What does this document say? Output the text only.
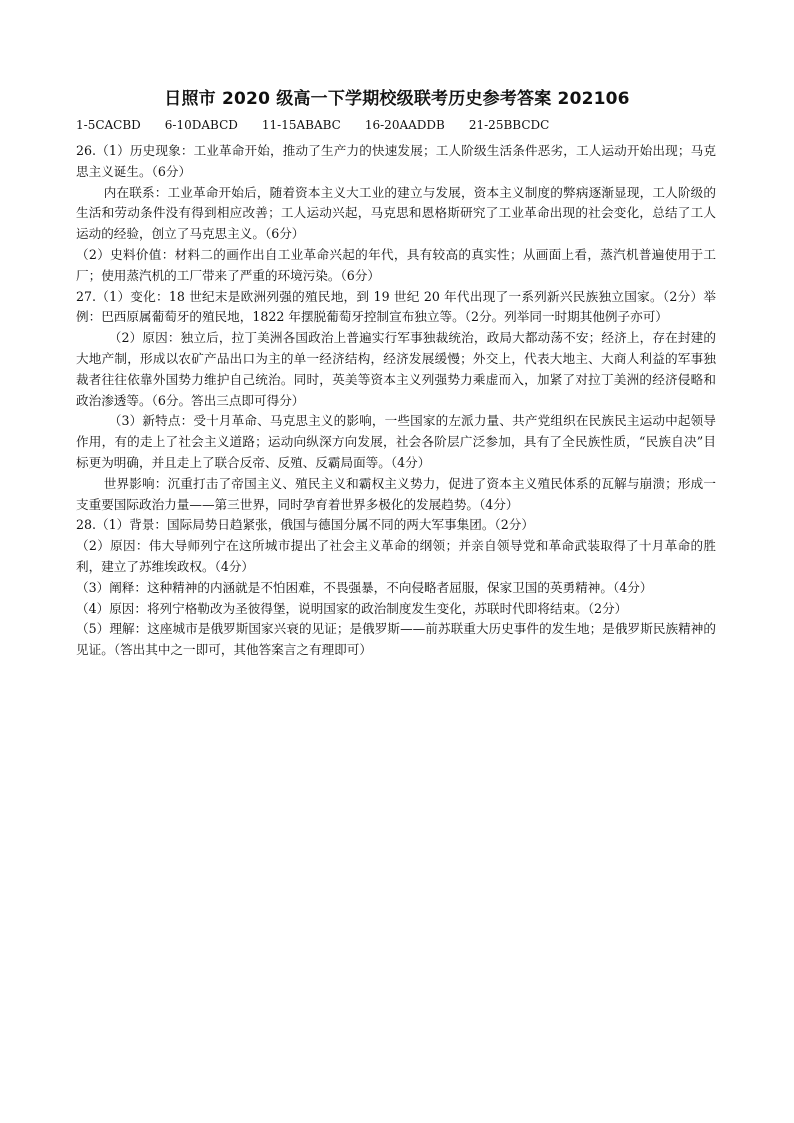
日照市 2020 级高一下学期校级联考历史参考答案 202106
1-5CACBD 6-10DABCD 11-15ABABC 16-20AADDB 21-25BBCDC

26.（1）历史现象：工业革命开始，推动了生产力的快速发展；工人阶级生活条件恶劣，工人运动开始出现；马克思主义诞生。（6分）

内在联系：工业革命开始后，随着资本主义大工业的建立与发展，资本主义制度的弊病逐渐显现，工人阶级的生活和劳动条件没有得到相应改善；工人运动兴起，马克思和恩格斯研究了工业革命出现的社会变化，总结了工人运动的经验，创立了马克思主义。（6分）

（2）史料价值：材料二的画作出自工业革命兴起的年代，具有较高的真实性；从画面上看，蒸汽机普遍使用于工厂；使用蒸汽机的工厂带来了严重的环境污染。（6分）

27.（1）变化：18 世纪末是欧洲列强的殖民地，到 19 世纪 20 年代出现了一系列新兴民族独立国家。（2分）举例：巴西原属葡萄牙的殖民地，1822 年摆脱葡萄牙控制宣布独立等。（2分。列举同一时期其他例子亦可）

（2）原因：独立后，拉丁美洲各国政治上普遍实行军事独裁统治，政局大都动荡不安；经济上，存在封建的大地产制，形成以农矿产品出口为主的单一经济结构，经济发展缓慢；外交上，代表大地主、大商人利益的军事独裁者往往依靠外国势力维护自己统治。同时，英美等资本主义列强势力乘虚而入，加紧了对拉丁美洲的经济侵略和政治渗透等。（6分。答出三点即可得分）

（3）新特点：受十月革命、马克思主义的影响，一些国家的左派力量、共产党组织在民族民主运动中起领导作用，有的走上了社会主义道路；运动向纵深方向发展，社会各阶层广泛参加，具有了全民族性质，“民族自决”目标更为明确，并且走上了联合反帝、反殖、反霸局面等。（4分）

世界影响：沉重打击了帝国主义、殖民主义和霸权主义势力，促进了资本主义殖民体系的瓦解与崩溃；形成一支重要国际政治力量——第三世界，同时孕育着世界多极化的发展趋势。（4分）

28.（1）背景：国际局势日趋紧张，俄国与德国分属不同的两大军事集团。（2分）

（2）原因：伟大导师列宁在这所城市提出了社会主义革命的纲领；并亲自领导党和革命武装取得了十月革命的胜利，建立了苏维埃政权。（4分）

（3）阐释：这种精神的内涵就是不怕困难，不畏强暴，不向侵略者屈服，保家卫国的英勇精神。（4分）

（4）原因：将列宁格勒改为圣彼得堡，说明国家的政治制度发生变化，苏联时代即将结束。（2分）

（5）理解：这座城市是俄罗斯国家兴衰的见证；是俄罗斯——前苏联重大历史事件的发生地；是俄罗斯民族精神的见证。（答出其中之一即可，其他答案言之有理即可）
